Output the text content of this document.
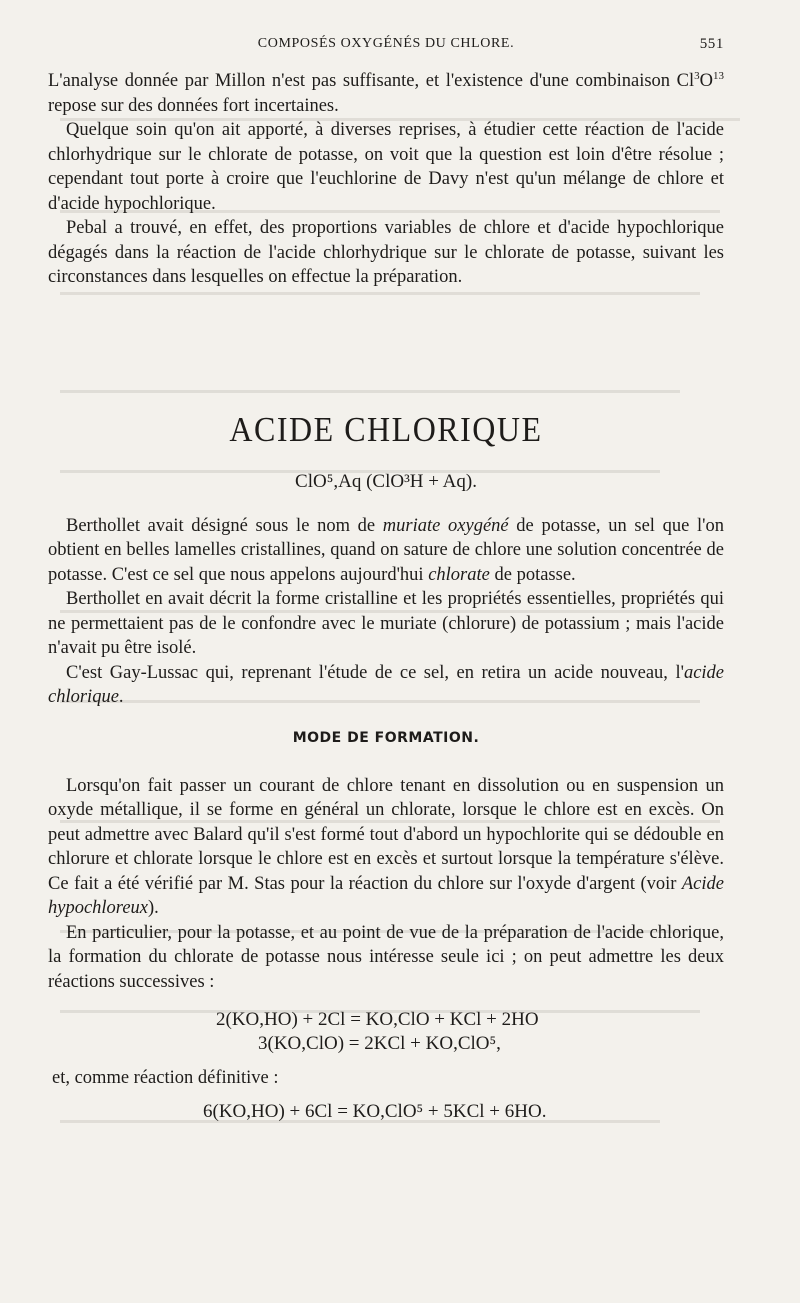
COMPOSÉS OXYGÉNÉS DU CHLORE.	551

L'analyse donnée par Millon n'est pas suffisante, et l'existence d'une combinaison $Cl^3O^{13}$ repose sur des données fort incertaines.

Quelque soin qu'on ait apporté, à diverses reprises, à étudier cette réaction de l'acide chlorhydrique sur le chlorate de potasse, on voit que la question est loin d'être résolue ; cependant tout porte à croire que l'euchlorine de Davy n'est qu'un mélange de chlore et d'acide hypochlorique.

Pebal a trouvé, en effet, des proportions variables de chlore et d'acide hypochlorique dégagés dans la réaction de l'acide chlorhydrique sur le chlorate de potasse, suivant les circonstances dans lesquelles on effectue la préparation.

ACIDE CHLORIQUE
ClO⁵,Aq (ClO³H + Aq).

Berthollet avait désigné sous le nom de muriate oxygéné de potasse, un sel que l'on obtient en belles lamelles cristallines, quand on sature de chlore une solution concentrée de potasse. C'est ce sel que nous appelons aujourd'hui chlorate de potasse.

Berthollet en avait décrit la forme cristalline et les propriétés essentielles, propriétés qui ne permettaient pas de le confondre avec le muriate (chlorure) de potassium ; mais l'acide n'avait pu être isolé.

C'est Gay-Lussac qui, reprenant l'étude de ce sel, en retira un acide nouveau, l'acide chlorique.

MODE DE FORMATION.

Lorsqu'on fait passer un courant de chlore tenant en dissolution ou en suspension un oxyde métallique, il se forme en général un chlorate, lorsque le chlore est en excès. On peut admettre avec Balard qu'il s'est formé tout d'abord un hypochlorite qui se dédouble en chlorure et chlorate lorsque le chlore est en excès et surtout lorsque la température s'élève. Ce fait a été vérifié par M. Stas pour la réaction du chlore sur l'oxyde d'argent (voir Acide hypochloreux).

En particulier, pour la potasse, et au point de vue de la préparation de l'acide chlorique, la formation du chlorate de potasse nous intéresse seule ici ; on peut admettre les deux réactions successives :

2(KO,HO) + 2Cl = KO,ClO + KCl + 2HO
3(KO,ClO) = 2KCl + KO,ClO⁵,
et, comme réaction définitive :
6(KO,HO) + 6Cl = KO,ClO⁵ + 5KCl + 6HO.
